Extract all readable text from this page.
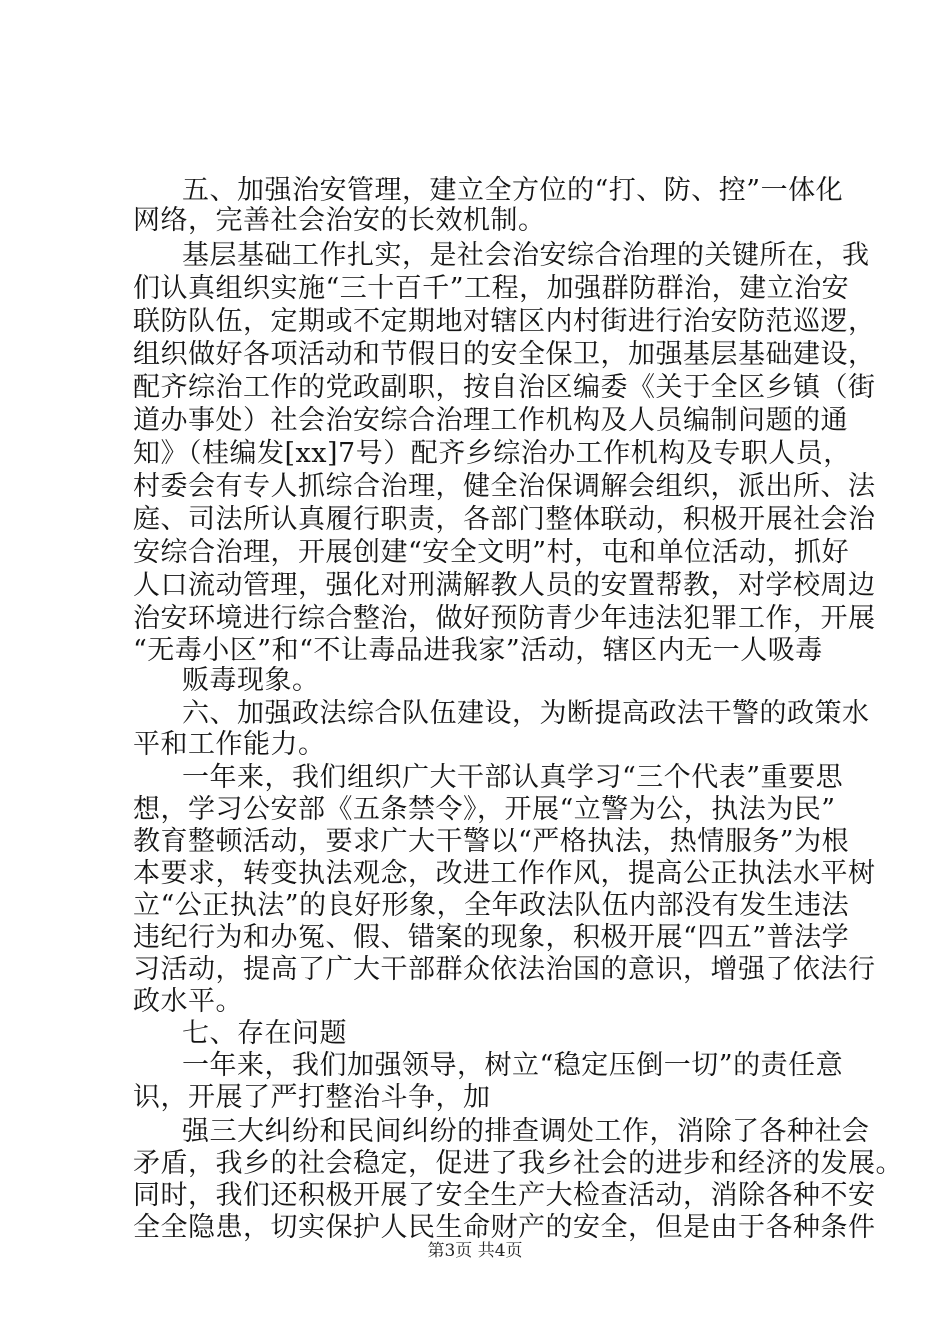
五、加强治安管理，建立全方位的“打、防、控”一体化
网络，完善社会治安的长效机制。
基层基础工作扎实，是社会治安综合治理的关键所在，我
们认真组织实施“三十百千”工程，加强群防群治，建立治安
联防队伍，定期或不定期地对辖区内村街进行治安防范巡逻，
组织做好各项活动和节假日的安全保卫，加强基层基础建设，
配齐综治工作的党政副职，按自治区编委《关于全区乡镇（街
道办事处）社会治安综合治理工作机构及人员编制问题的通
知》（桂编发[xx]7号）配齐乡综治办工作机构及专职人员，
村委会有专人抓综合治理，健全治保调解会组织，派出所、法
庭、司法所认真履行职责，各部门整体联动，积极开展社会治
安综合治理，开展创建“安全文明”村，屯和单位活动，抓好
人口流动管理，强化对刑满解教人员的安置帮教，对学校周边
治安环境进行综合整治，做好预防青少年违法犯罪工作，开展
“无毒小区”和“不让毒品进我家”活动，辖区内无一人吸毒
贩毒现象。
六、加强政法综合队伍建设，为断提高政法干警的政策水
平和工作能力。
一年来，我们组织广大干部认真学习“三个代表”重要思
想，学习公安部《五条禁令》，开展“立警为公，执法为民”
教育整顿活动，要求广大干警以“严格执法，热情服务”为根
本要求，转变执法观念，改进工作作风，提高公正执法水平树
立“公正执法”的良好形象，全年政法队伍内部没有发生违法
违纪行为和办冤、假、错案的现象，积极开展“四五”普法学
习活动，提高了广大干部群众依法治国的意识，增强了依法行
政水平。
七、存在问题
一年来，我们加强领导，树立“稳定压倒一切”的责任意
识，开展了严打整治斗争，加
强三大纠纷和民间纠纷的排查调处工作，消除了各种社会
矛盾，我乡的社会稳定，促进了我乡社会的进步和经济的发展。
同时，我们还积极开展了安全生产大检查活动，消除各种不安
全全隐患，切实保护人民生命财产的安全，但是由于各种条件
第3页 共4页
